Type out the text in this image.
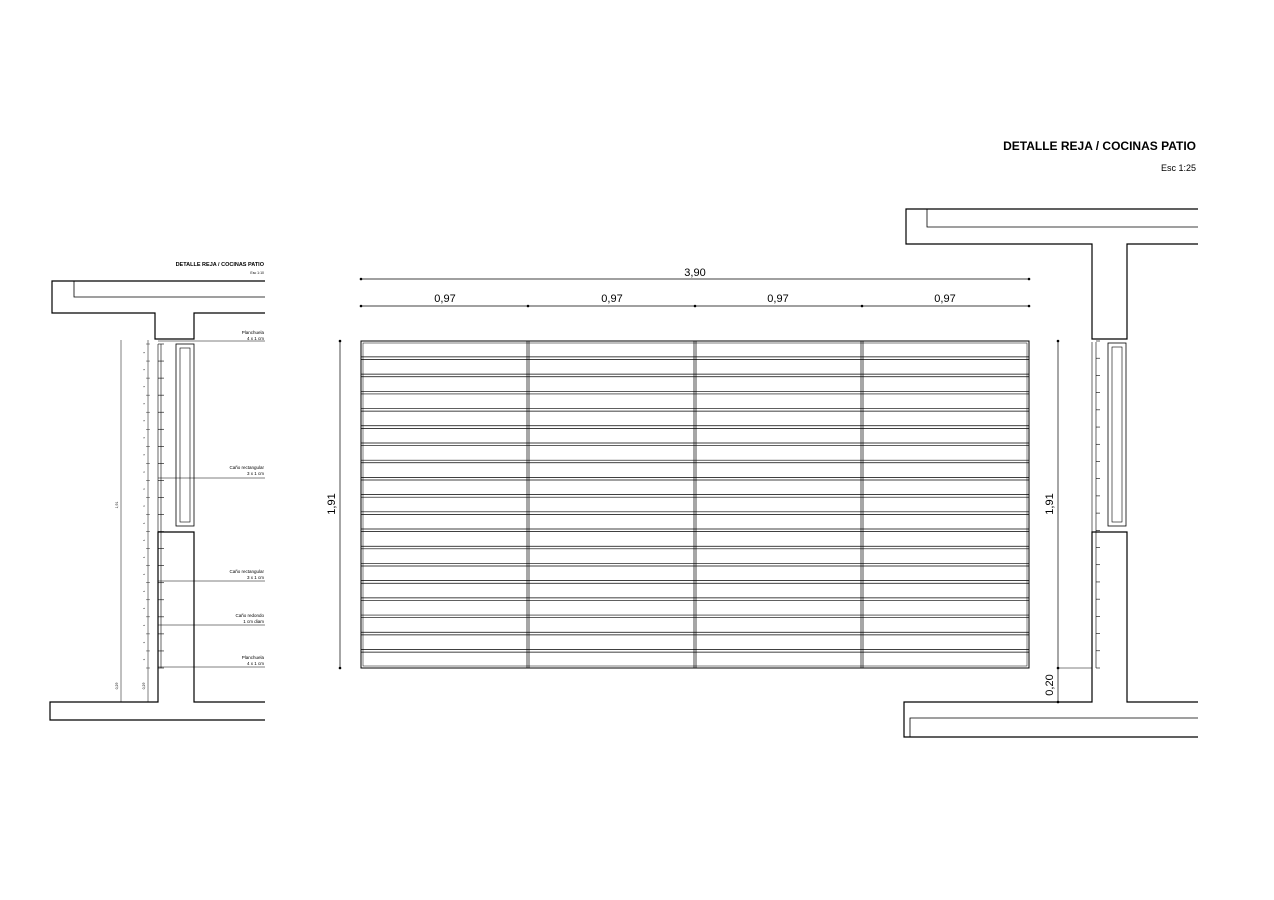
DETALLE REJA / COCINAS PATIO
Esc 1:25
DETALLE REJA / COCINAS PATIO
Esc 1:10
1
1
1
1
1
1
1
1
1
1
1
1
1
1
1
1
1
1
1
1,91
0,29	0,29
Planchuela
4 x 1 cm
Caño rectangular
3 x 1 cm
Caño rectangular
3 x 1 cm
Caño redondo
1 cm diam
Planchuela
4 x 1 cm
3,90
0,97	0,97	0,97	0,97
1,91	1,91
0,20
